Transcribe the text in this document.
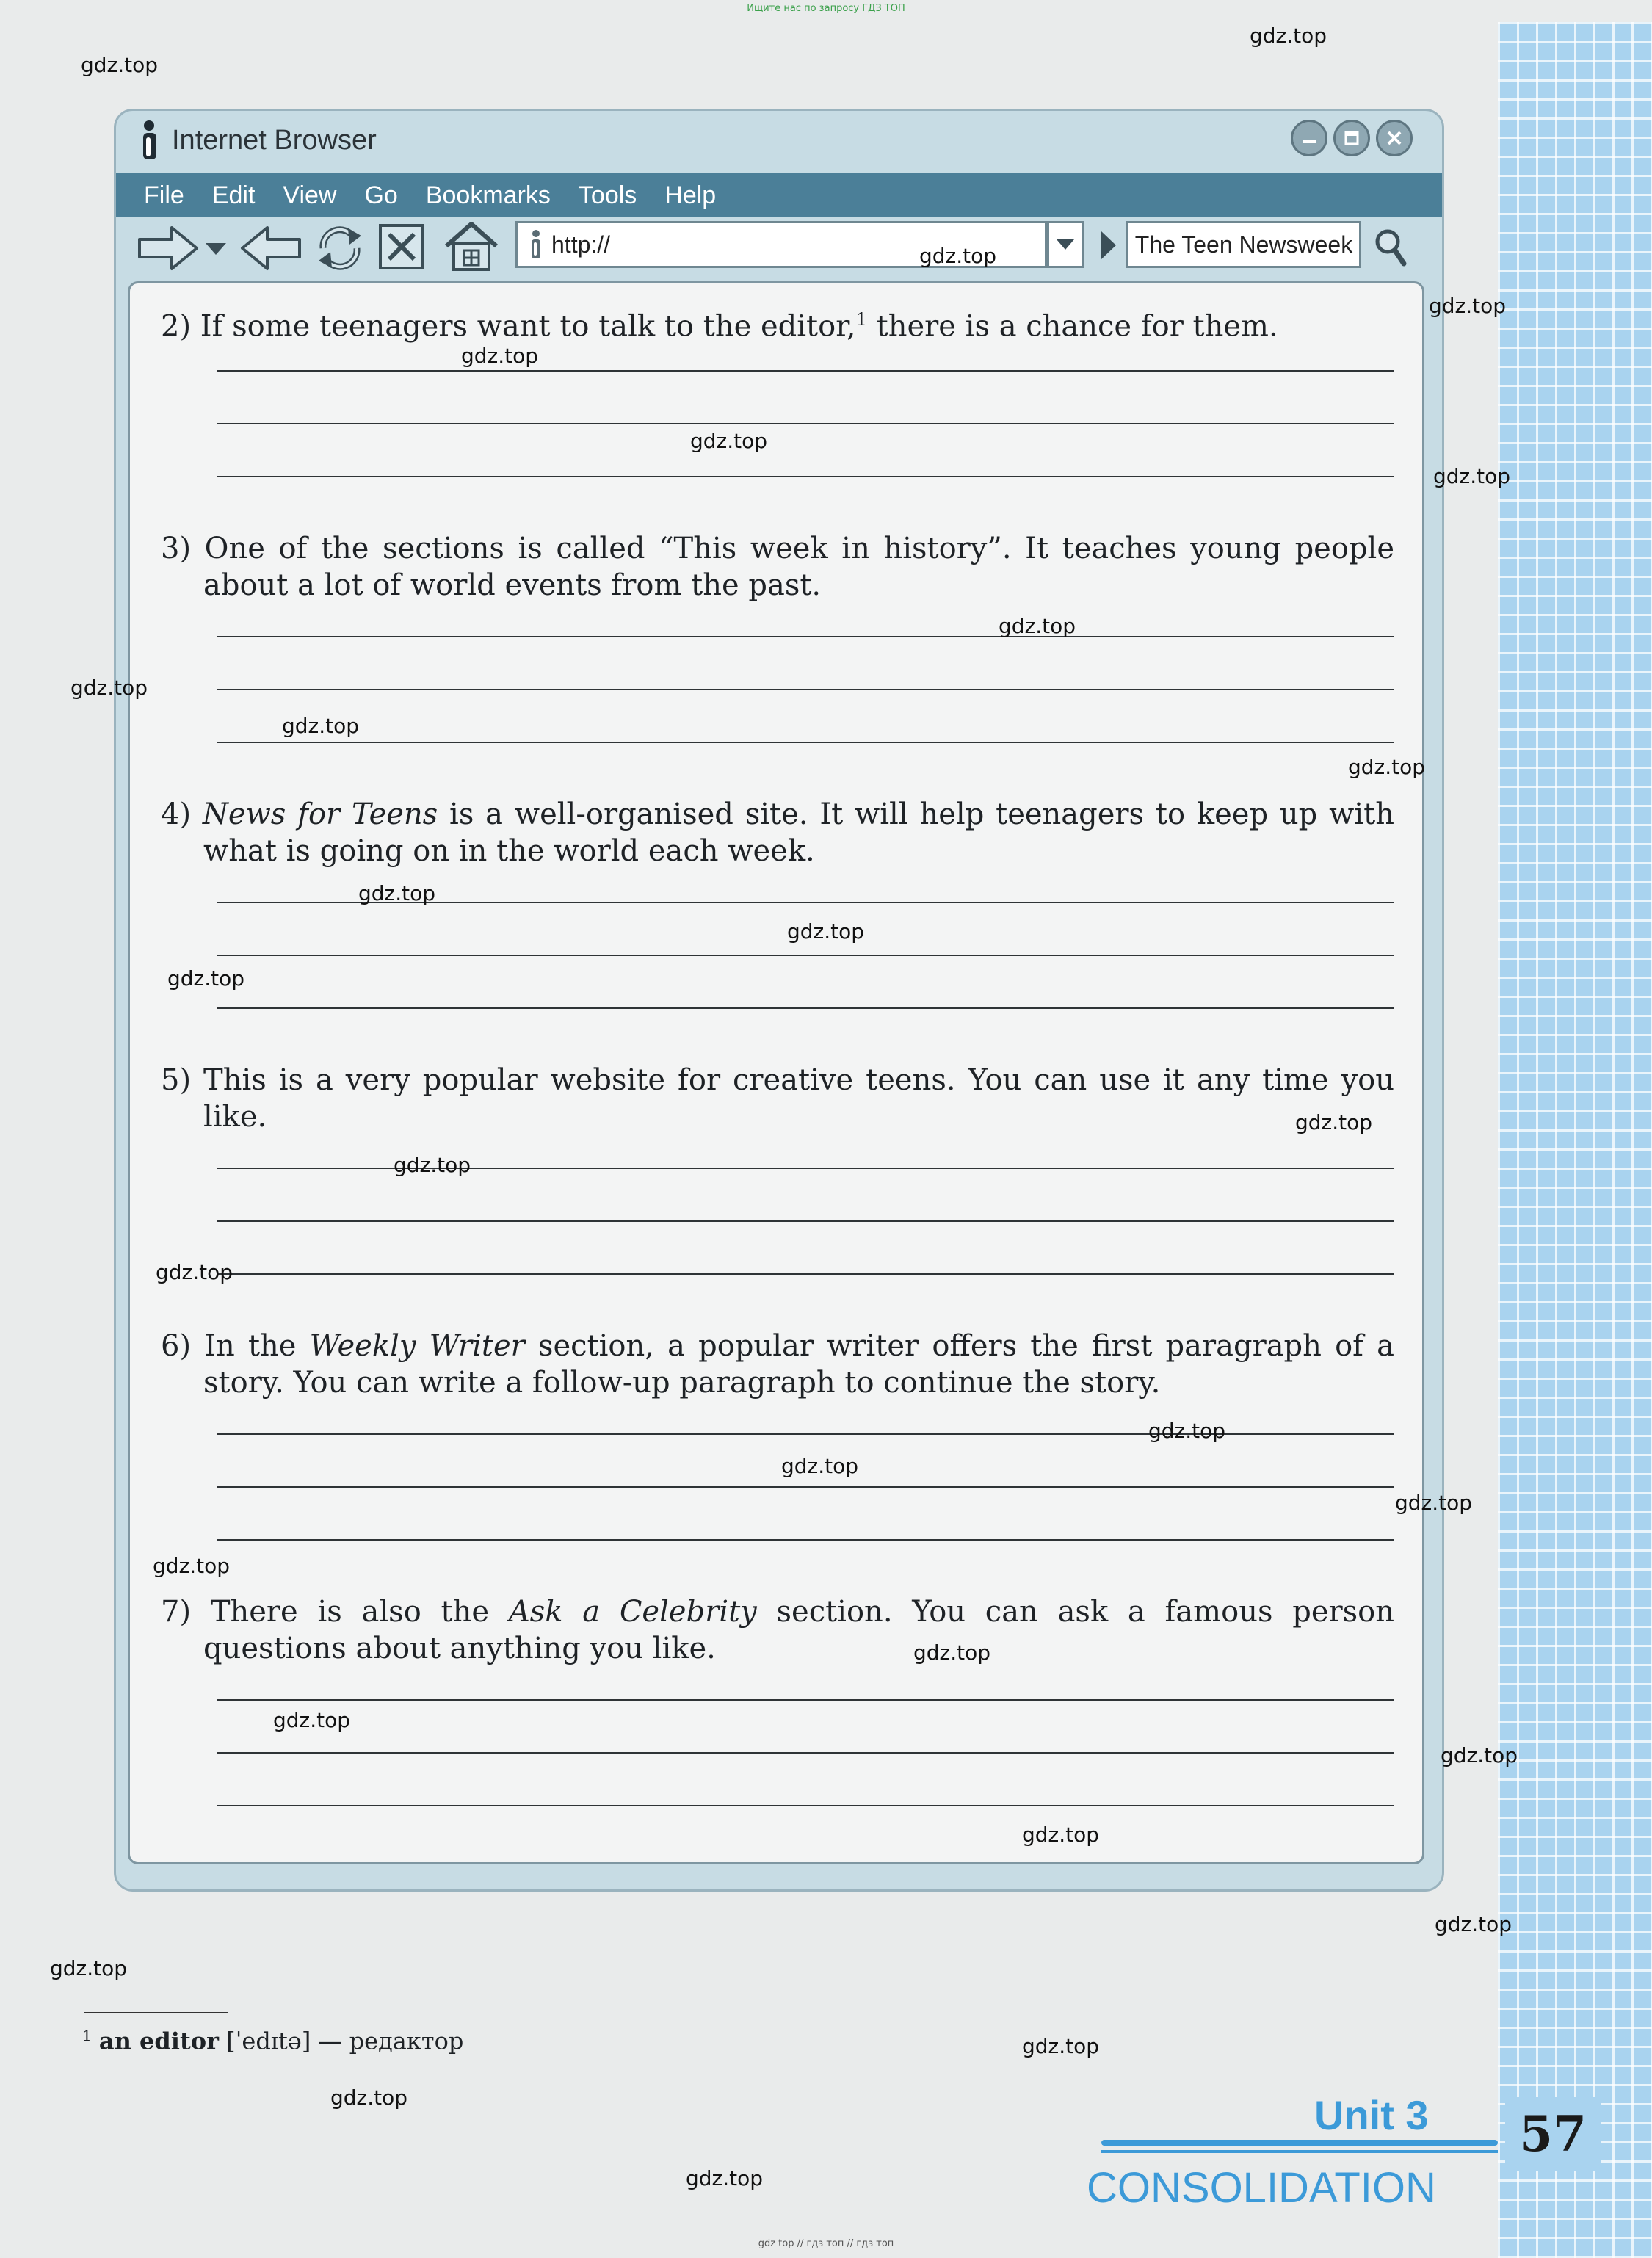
Ищите нас по запросу ГДЗ ТОП
Internet Browser
File Edit View Go Bookmarks Tools Help
http://	The Teen Newsweek
2) If some teenagers want to talk to the editor,$^1$ there is a chance for them.
3) One of the sections is called “This week in history”. It teaches young people about a lot of world events from the past.
4) News for Teens is a well-organised site. It will help teenagers to keep up with what is going on in the world each week.
5) This is a very popular website for creative teens. You can use it any time you like.
6) In the Weekly Writer section, a popular writer offers the first paragraph of a story. You can write a follow-up paragraph to continue the story.
7) There is also the Ask a Celebrity section. You can ask a famous person questions about anything you like.
$^1$ an editor [ˈedɪtə] — редактор
Unit 3
CONSOLIDATION
57
gdz.top
gdz.top
gdz.top
gdz.top
gdz.top
gdz.top
gdz.top
gdz.top
gdz.top
gdz.top
gdz.top
gdz.top
gdz.top
gdz.top
gdz.top
gdz.top
gdz.top
gdz.top
gdz.top
gdz.top
gdz.top
gdz.top
gdz.top
gdz.top
gdz.top
gdz.top
gdz.top
gdz.top
gdz.top
gdz.top
gdz top // гдз топ // гдз топ
